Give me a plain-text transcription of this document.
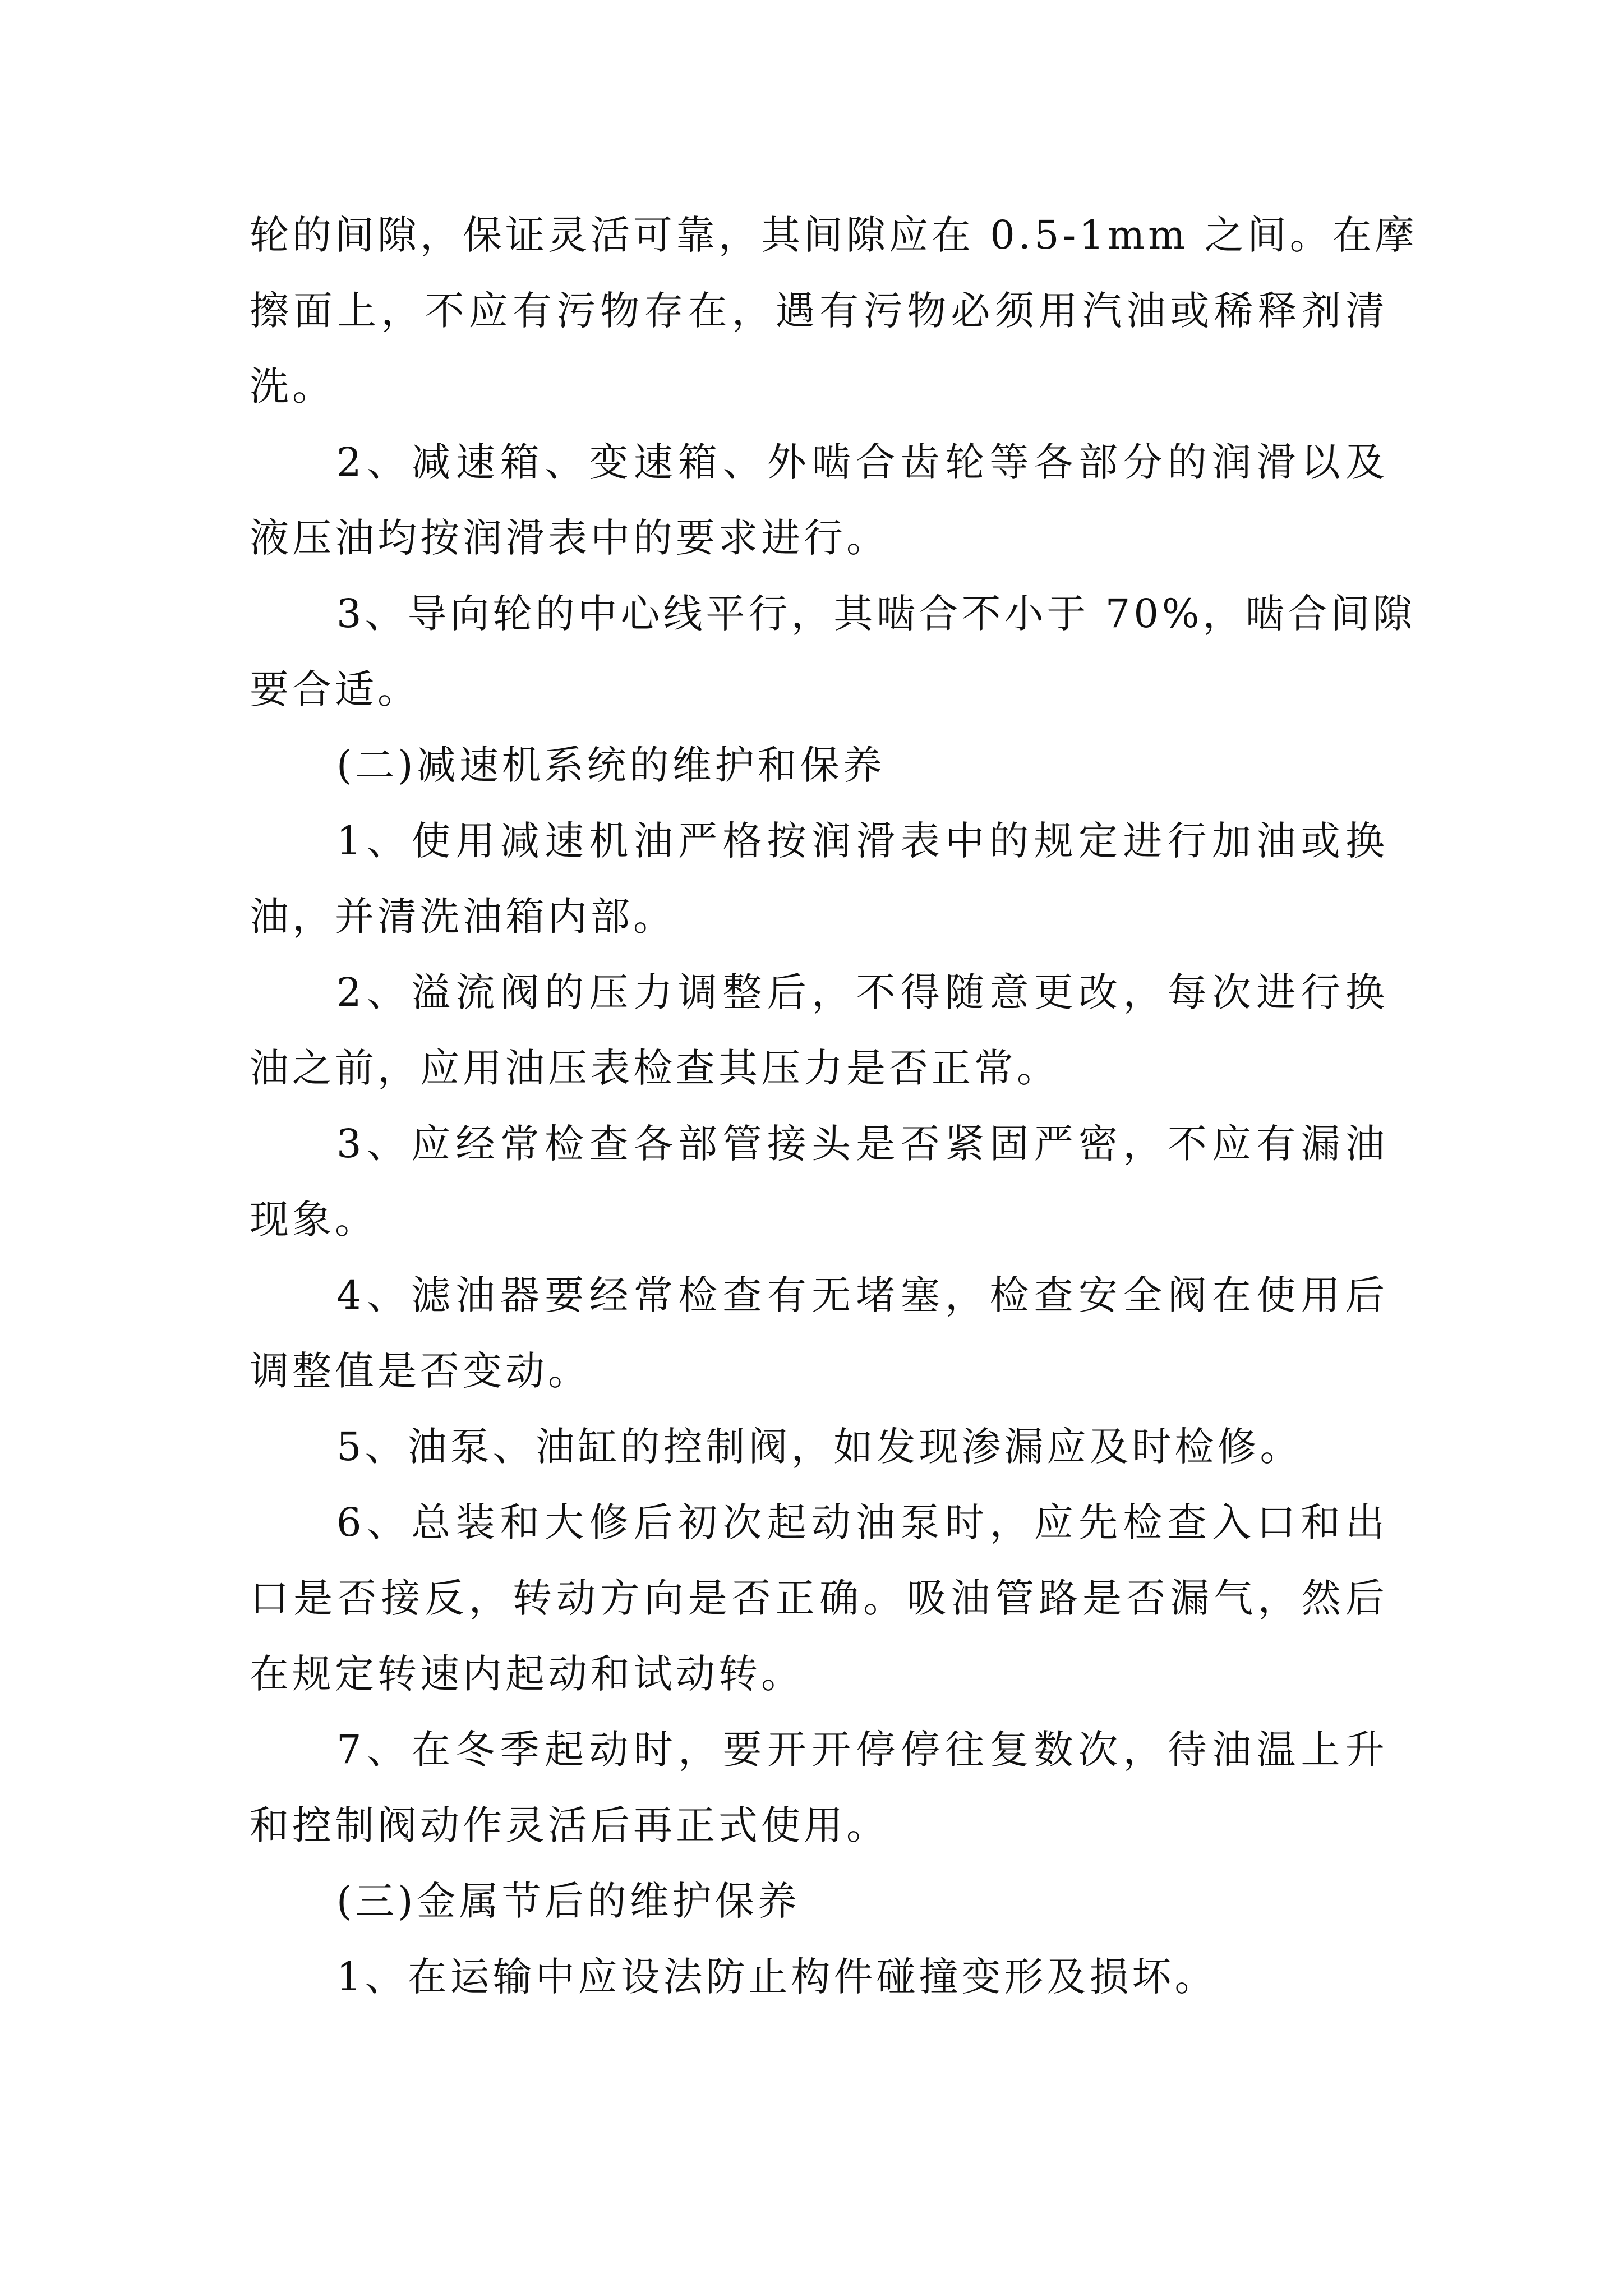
轮的间隙，保证灵活可靠，其间隙应在 0.5-1mm 之间。在摩
擦面上，不应有污物存在，遇有污物必须用汽油或稀释剂清
洗。
2、减速箱、变速箱、外啮合齿轮等各部分的润滑以及
液压油均按润滑表中的要求进行。
3、导向轮的中心线平行，其啮合不小于 70%，啮合间隙
要合适。
(二)减速机系统的维护和保养
1、使用减速机油严格按润滑表中的规定进行加油或换
油，并清洗油箱内部。
2、溢流阀的压力调整后，不得随意更改，每次进行换
油之前，应用油压表检查其压力是否正常。
3、应经常检查各部管接头是否紧固严密，不应有漏油
现象。
4、滤油器要经常检查有无堵塞，检查安全阀在使用后
调整值是否变动。
5、油泵、油缸的控制阀，如发现渗漏应及时检修。
6、总装和大修后初次起动油泵时，应先检查入口和出
口是否接反，转动方向是否正确。吸油管路是否漏气，然后
在规定转速内起动和试动转。
7、在冬季起动时，要开开停停往复数次，待油温上升
和控制阀动作灵活后再正式使用。
(三)金属节后的维护保养
1、在运输中应设法防止构件碰撞变形及损坏。
